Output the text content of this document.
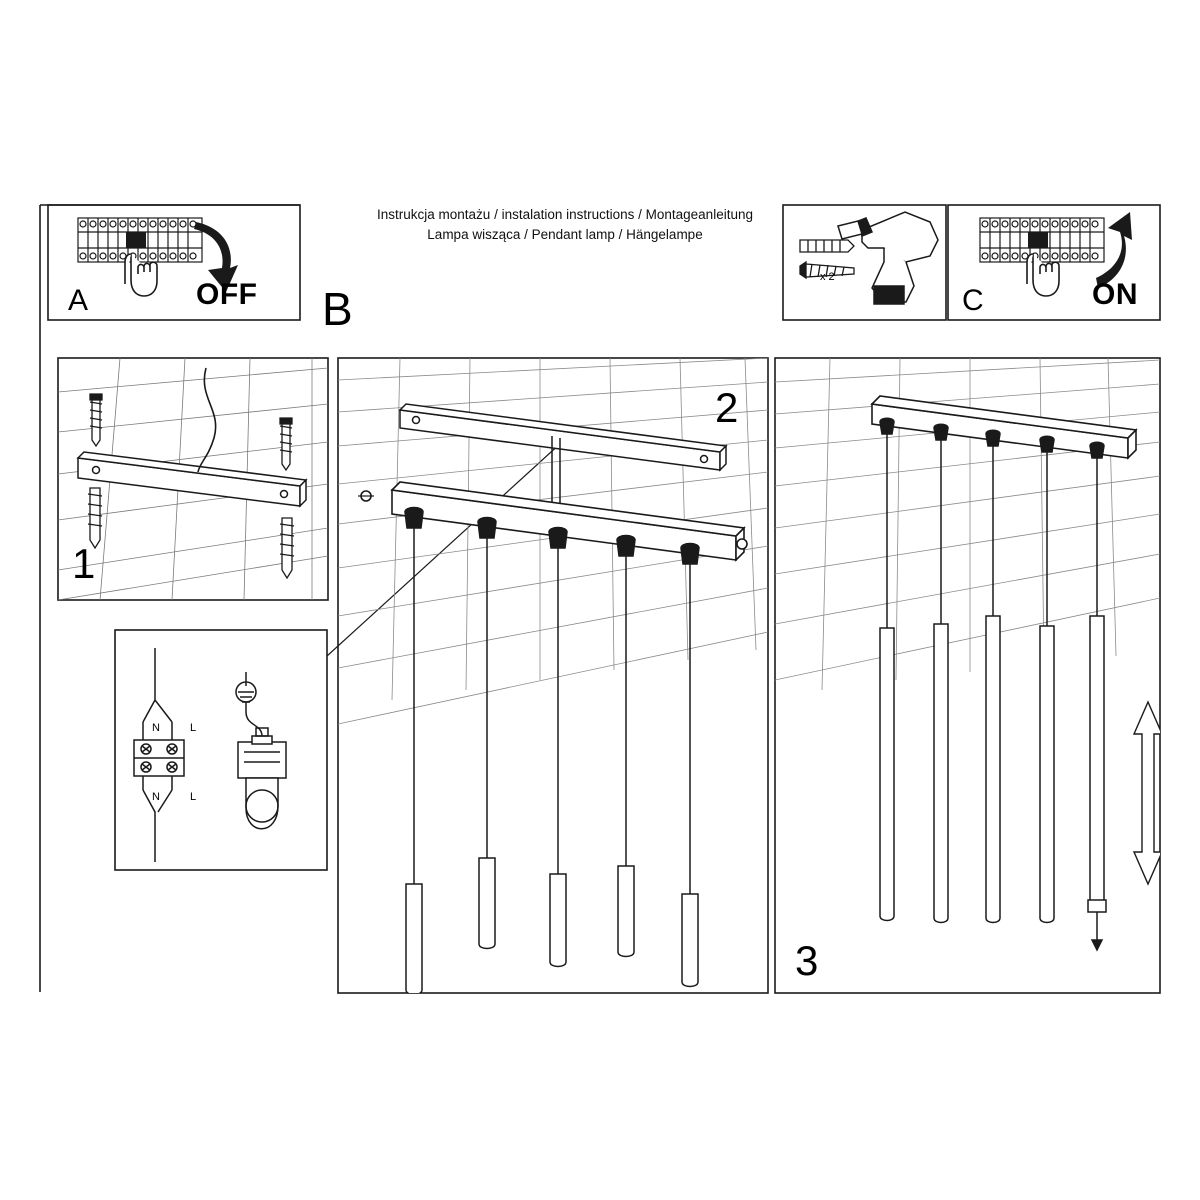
A
x 2
C
1
N	L
N	L
2
B
3
OFF	ON
Instrukcja montażu / instalation instructions / Montageanleitung
Lampa wisząca / Pendant lamp / Hängelampe
